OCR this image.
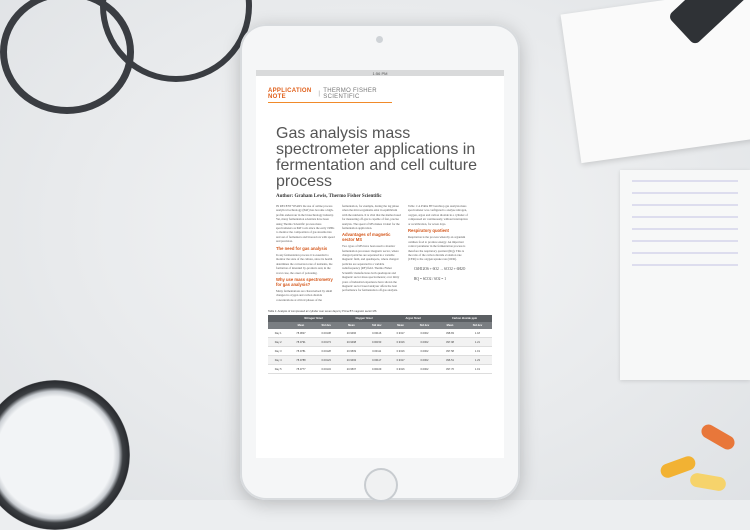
1:56 PM
APPLICATION NOTE	| THERMO FISHER SCIENTIFIC
Gas analysis mass spectrometer applications in fermentation and cell culture process
Author: Graham Lewis, Thermo Fisher Scientific

IN RECENT YEARS the use of online process analytical technology (PAT) has become a high-profile endeavour in the biotechnology industry. Yet, many fermentation scientists have been using Thermo Scientific process mass spectrometers as PAT tools since the early 1980s to monitor the composition of gas streams into and out of fermenters and bioreactors with speed and precision.

The need for gas analysis

In any fermentation process it is essential to monitor the state of the culture, since its health determines the conversion rate of nutrients, the formation of intended by-products and, in the worst case, the onset of poisoning.

Why use mass spectrometry for gas analysis?

Many fermentations are characterised by small changes in oxygen and carbon dioxide concentrations at critical phases of the

fermentation, for example, during the lag phase when the microorganisms exist in equilibrium with the nutrients. It is vital that the method used for measuring off-gas is capable of fast, precise analysis. The speed of MS makes it ideal for the fermentation application.

Advantages of magnetic sector MS

Two types of MS have been used to monitor fermentation processes: magnetic sector, where charged particles are separated in a variable magnetic field, and quadrupole, where charged particles are separated in a variable radiofrequency (RF) field. Thermo Fisher Scientific manufactures both quadrupole and magnetic sector mass spectrometers; over thirty years of industrial experience have shown the magnetic sector based analyser offers the best performance for fermentation off-gas analysis.

Table 1: A Prima BT benchtop gas analysis mass spectrometer was configured to analyse nitrogen, oxygen, argon and carbon dioxide in a cylinder of compressed air continuously, without interruption or recalibration, for seven days.

Respiratory quotient

Respiration is the process whereby an organism oxidises food to produce energy. An important control parameter in the fermentation process is therefore the respiratory quotient (RQ). This is the ratio of the carbon dioxide evolution rate (CER) to the oxygen uptake rate (OUR).

C6H12O6 + 6O2 → 6CO2 + 6H2O
RQ = 6CO2 / 6O2 = 1
Table 1: Analysis of compressed air cylinder over seven days by Prima BT magnetic sector MS
	Nitrogen %mol		Oxygen %mol		Argon %mol		Carbon dioxide ppm	
	Mean	Std dev	Mean	Std dev	Mean	Std dev	Mean	Std dev
Day 1	78.0827	0.00138	20.9466	0.00116	0.9317	0.0002	398.83	1.18
Day 2	78.0791	0.00173	20.9498	0.00153	0.9316	0.0002	397.98	1.21
Day 3	78.0781	0.00128	20.9509	0.00111	0.9316	0.0002	397.58	1.19
Day 4	78.0788	0.00123	20.9493	0.00117	0.9317	0.0002	396.51	1.23
Day 5	78.0777	0.00134	20.9507	0.00109	0.9316	0.0002	397.76	1.19
